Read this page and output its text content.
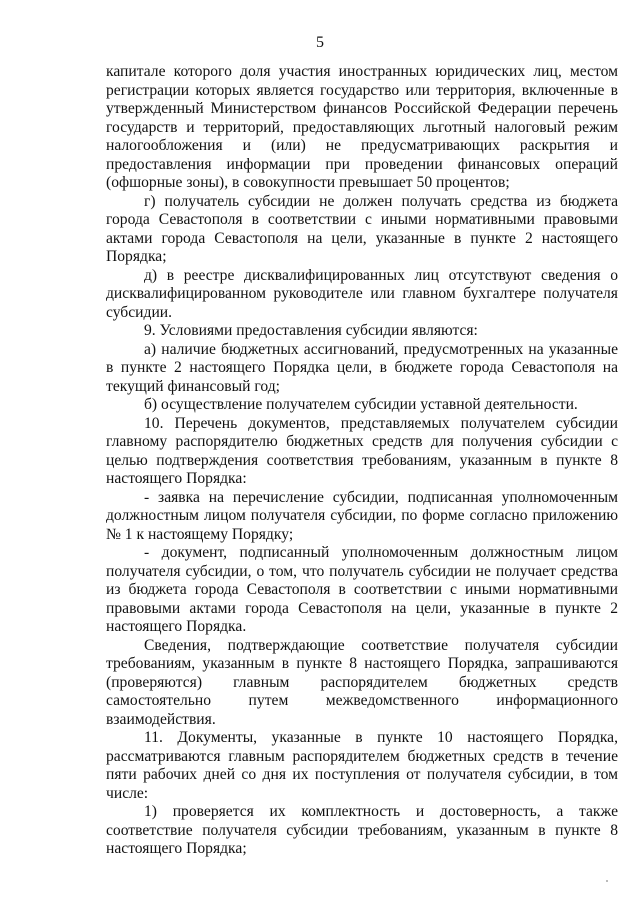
5

капитале которого доля участия иностранных юридических лиц, местом регистрации которых является государство или территория, включенные в утвержденный Министерством финансов Российской Федерации перечень государств и территорий, предоставляющих льготный налоговый режим налогообложения и (или) не предусматривающих раскрытия и предоставления информации при проведении финансовых операций (офшорные зоны), в совокупности превышает 50 процентов;

г) получатель субсидии не должен получать средства из бюджета города Севастополя в соответствии с иными нормативными правовыми актами города Севастополя на цели, указанные в пункте 2 настоящего Порядка;

д) в реестре дисквалифицированных лиц отсутствуют сведения о дисквалифицированном руководителе или главном бухгалтере получателя субсидии.

9. Условиями предоставления субсидии являются:

а) наличие бюджетных ассигнований, предусмотренных на указанные в пункте 2 настоящего Порядка цели, в бюджете города Севастополя на текущий финансовый год;

б) осуществление получателем субсидии уставной деятельности.

10. Перечень документов, представляемых получателем субсидии главному распорядителю бюджетных средств для получения субсидии с целью подтверждения соответствия требованиям, указанным в пункте 8 настоящего Порядка:

- заявка на перечисление субсидии, подписанная уполномоченным должностным лицом получателя субсидии, по форме согласно приложению № 1 к настоящему Порядку;

- документ, подписанный уполномоченным должностным лицом получателя субсидии, о том, что получатель субсидии не получает средства из бюджета города Севастополя в соответствии с иными нормативными правовыми актами города Севастополя на цели, указанные в пункте 2 настоящего Порядка.

Сведения, подтверждающие соответствие получателя субсидии требованиям, указанным в пункте 8 настоящего Порядка, запрашиваются (проверяются) главным распорядителем бюджетных средств самостоятельно путем межведомственного информационного взаимодействия.

11. Документы, указанные в пункте 10 настоящего Порядка, рассматриваются главным распорядителем бюджетных средств в течение пяти рабочих дней со дня их поступления от получателя субсидии, в том числе:

1) проверяется их комплектность и достоверность, а также соответствие получателя субсидии требованиям, указанным в пункте 8 настоящего Порядка;
